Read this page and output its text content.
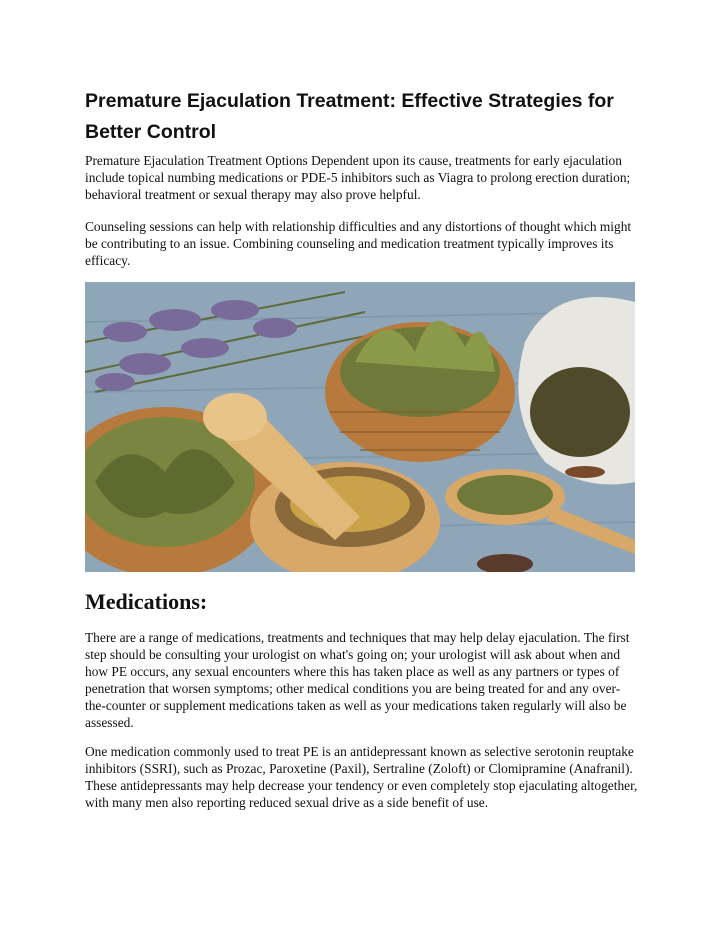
Premature Ejaculation Treatment: Effective Strategies for Better Control
Premature Ejaculation Treatment Options Dependent upon its cause, treatments for early ejaculation include topical numbing medications or PDE-5 inhibitors such as Viagra to prolong erection duration; behavioral treatment or sexual therapy may also prove helpful.
Counseling sessions can help with relationship difficulties and any distortions of thought which might be contributing to an issue. Combining counseling and medication treatment typically improves its efficacy.
Medications:
There are a range of medications, treatments and techniques that may help delay ejaculation. The first step should be consulting your urologist on what's going on; your urologist will ask about when and how PE occurs, any sexual encounters where this has taken place as well as any partners or types of penetration that worsen symptoms; other medical conditions you are being treated for and any over-the-counter or supplement medications taken as well as your medications taken regularly will also be assessed.
One medication commonly used to treat PE is an antidepressant known as selective serotonin reuptake inhibitors (SSRI), such as Prozac, Paroxetine (Paxil), Sertraline (Zoloft) or Clomipramine (Anafranil). These antidepressants may help decrease your tendency or even completely stop ejaculating altogether, with many men also reporting reduced sexual drive as a side benefit of use.
